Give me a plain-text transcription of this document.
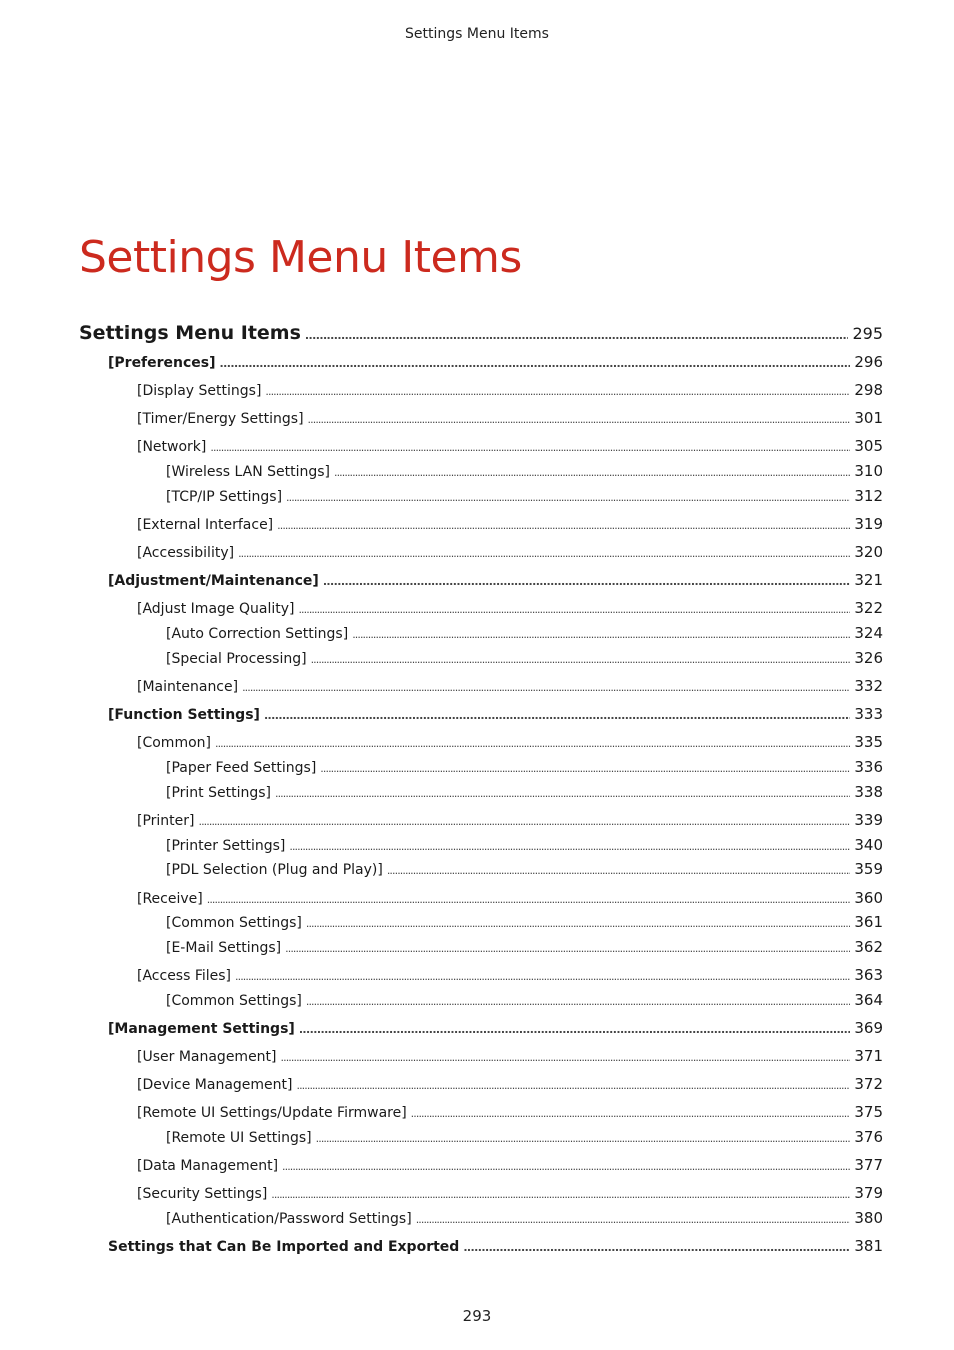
Settings Menu Items
Settings Menu Items
Settings Menu Items . . .	295
[Preferences] . . .	296
[Display Settings] . . .	298
[Timer/Energy Settings] . . .	301
[Network] . . .	305
[Wireless LAN Settings] . . .	310
[TCP/IP Settings] . . .	312
[External Interface] . . .	319
[Accessibility] . . .	320
[Adjustment/Maintenance] . . .	321
[Adjust Image Quality] . . .	322
[Auto Correction Settings] . . .	324
[Special Processing] . . .	326
[Maintenance] . . .	332
[Function Settings] . . .	333
[Common] . . .	335
[Paper Feed Settings] . . .	336
[Print Settings] . . .	338
[Printer] . . .	339
[Printer Settings] . . .	340
[PDL Selection (Plug and Play)] . . .	359
[Receive] . . .	360
[Common Settings] . . .	361
[E-Mail Settings] . . .	362
[Access Files] . . .	363
[Common Settings] . . .	364
[Management Settings] . . .	369
[User Management] . . .	371
[Device Management] . . .	372
[Remote UI Settings/Update Firmware] . . .	375
[Remote UI Settings] . . .	376
[Data Management] . . .	377
[Security Settings] . . .	379
[Authentication/Password Settings] . . .	380
Settings that Can Be Imported and Exported . . .	381
293
